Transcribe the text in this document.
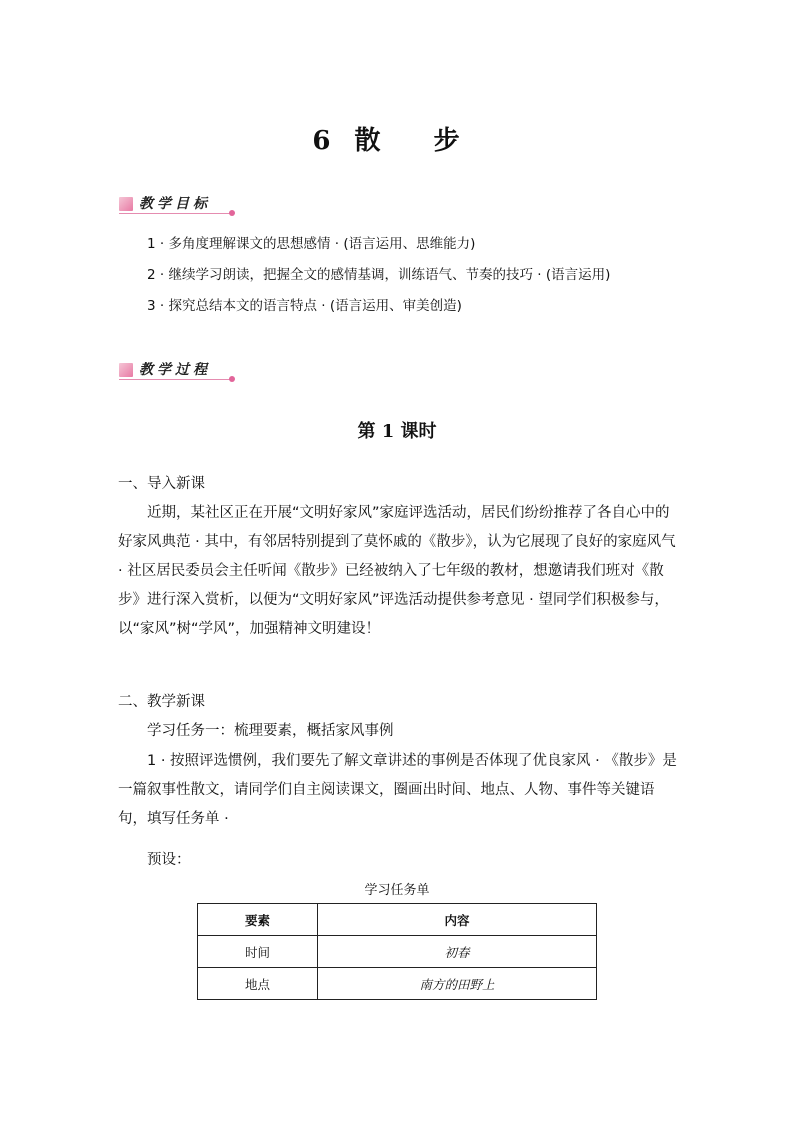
6 散 步
教学目标
1 · 多角度理解课文的思想感情 · (语言运用、思维能力)
2 · 继续学习朗读，把握全文的感情基调，训练语气、节奏的技巧 · (语言运用)
3 · 探究总结本文的语言特点 · (语言运用、审美创造)
教学过程
第 1 课时
一、导入新课
近期，某社区正在开展“文明好家风”家庭评选活动，居民们纷纷推荐了各自心中的好家风典范 · 其中，有邻居特别提到了莫怀戚的《散步》，认为它展现了良好的家庭风气 · 社区居民委员会主任听闻《散步》已经被纳入了七年级的教材，想邀请我们班对《散步》进行深入赏析，以便为“文明好家风”评选活动提供参考意见 · 望同学们积极参与，以“家风”树“学风”，加强精神文明建设！
二、教学新课
学习任务一：梳理要素，概括家风事例
1 · 按照评选惯例，我们要先了解文章讲述的事例是否体现了优良家风 · 《散步》是一篇叙事性散文，请同学们自主阅读课文，圈画出时间、地点、人物、事件等关键语句，填写任务单 ·
预设：
学习任务单
要素	内容
时间	初春
地点	南方的田野上
